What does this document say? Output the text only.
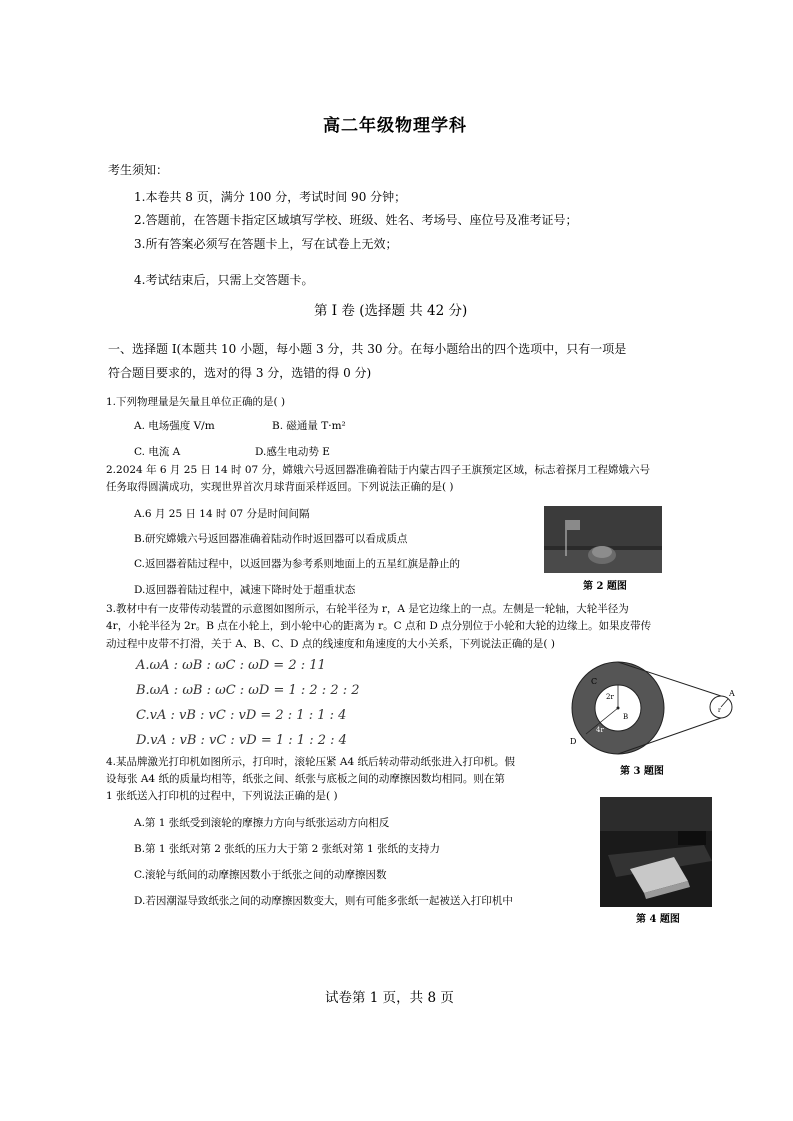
高二年级物理学科
考生须知：
1.本卷共 8 页，满分 100 分，考试时间 90 分钟；
2.答题前，在答题卡指定区域填写学校、班级、姓名、考场号、座位号及准考证号；
3.所有答案必须写在答题卡上，写在试卷上无效；
4.考试结束后，只需上交答题卡。
第 I 卷 (选择题 共 42 分)
一、选择题 I(本题共 10 小题，每小题 3 分，共 30 分。在每小题给出的四个选项中，只有一项是
符合题目要求的，选对的得 3 分，选错的得 0 分)
1.下列物理量是矢量且单位正确的是( )
A. 电场强度 V/m	B. 磁通量 T·m²
C. 电流 A	D.感生电动势 E
2.2024 年 6 月 25 日 14 时 07 分，嫦娥六号返回器准确着陆于内蒙古四子王旗预定区域，标志着探月工程嫦娥六号
任务取得圆满成功，实现世界首次月球背面采样返回。下列说法正确的是( )
A.6 月 25 日 14 时 07 分是时间间隔
B.研究嫦娥六号返回器准确着陆动作时返回器可以看成质点
C.返回器着陆过程中，以返回器为参考系则地面上的五星红旗是静止的
D.返回器着陆过程中，减速下降时处于超重状态	第 2 题图
3.教材中有一皮带传动装置的示意图如图所示，右轮半径为 r，A 是它边缘上的一点。左侧是一轮轴，大轮半径为
4r，小轮半径为 2r。B 点在小轮上，到小轮中心的距离为 r。C 点和 D 点分别位于小轮和大轮的边缘上。如果皮带传
动过程中皮带不打滑，关于 A、B、C、D 点的线速度和角速度的大小关系，下列说法正确的是( )
A.ωA : ωB : ωC : ωD = 2 : 11
B.ωA : ωB : ωC : ωD = 1 : 2 : 2 : 2
C.vA : vB : vC : vD = 2 : 1 : 1 : 4
D.vA : vB : vC : vD = 1 : 1 : 2 : 4
C
2r
B
4r
D
A
r
第 3 题图
4.某品牌激光打印机如图所示，打印时，滚轮压紧 A4 纸后转动带动纸张进入打印机。假
设每张 A4 纸的质量均相等，纸张之间、纸张与底板之间的动摩擦因数均相同。则在第
1 张纸送入打印机的过程中，下列说法正确的是( )
A.第 1 张纸受到滚轮的摩擦力方向与纸张运动方向相反
B.第 1 张纸对第 2 张纸的压力大于第 2 张纸对第 1 张纸的支持力
C.滚轮与纸间的动摩擦因数小于纸张之间的动摩擦因数
D.若因潮湿导致纸张之间的动摩擦因数变大，则有可能多张纸一起被送入打印机中
第 4 题图
试卷第 1 页，共 8 页
